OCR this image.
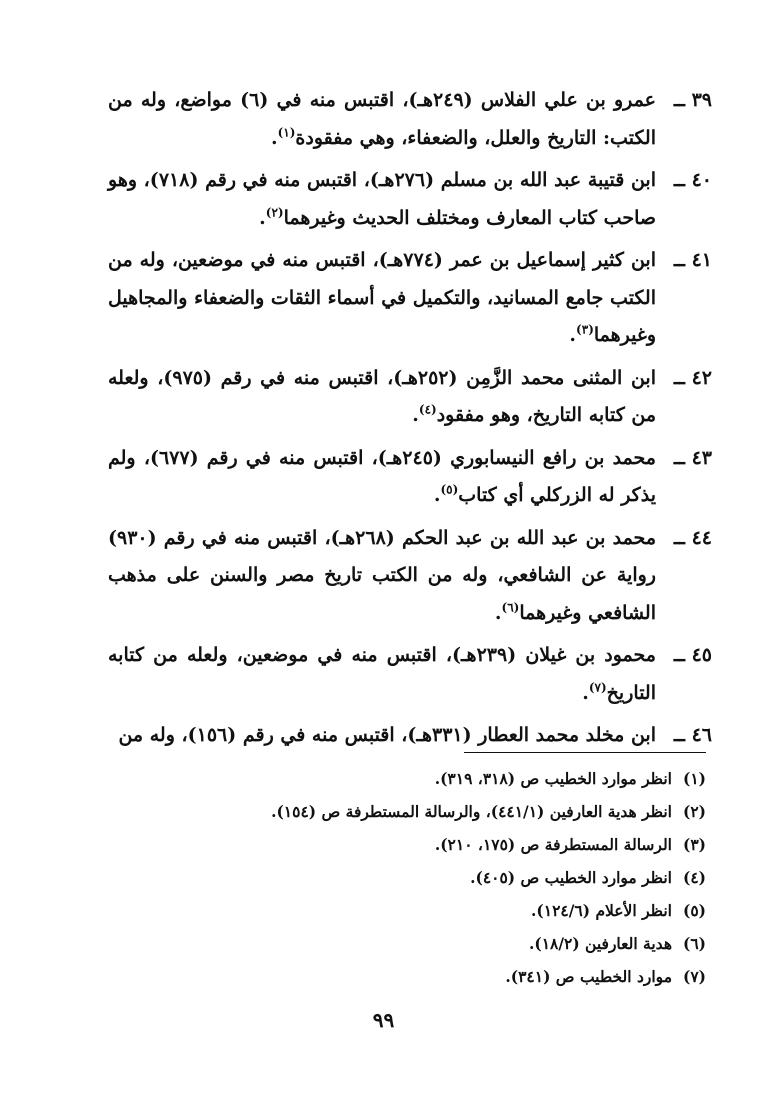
٣٩ ــ
عمرو بن علي الفلاس (٢٤٩هـ)، اقتبس منه في (٦) مواضع، وله من الكتب: التاريخ والعلل، والضعفاء، وهي مفقودة$^{(١)}$.
٤٠ ــ
ابن قتيبة عبد الله بن مسلم (٢٧٦هـ)، اقتبس منه في رقم (٧١٨)، وهو صاحب كتاب المعارف ومختلف الحديث وغيرهما$^{(٢)}$.
٤١ ــ
ابن كثير إسماعيل بن عمر (٧٧٤هـ)، اقتبس منه في موضعين، وله من الكتب جامع المسانيد، والتكميل في أسماء الثقات والضعفاء والمجاهيل وغيرهما$^{(٣)}$.
٤٢ ــ
ابن المثنى محمد الزَّمِن (٢٥٢هـ)، اقتبس منه في رقم (٩٧٥)، ولعله من كتابه التاريخ، وهو مفقود$^{(٤)}$.
٤٣ ــ
محمد بن رافع النيسابوري (٢٤٥هـ)، اقتبس منه في رقم (٦٧٧)، ولم يذكر له الزركلي أي كتاب$^{(٥)}$.
٤٤ ــ
محمد بن عبد الله بن عبد الحكم (٢٦٨هـ)، اقتبس منه في رقم (٩٣٠) رواية عن الشافعي، وله من الكتب تاريخ مصر والسنن على مذهب الشافعي وغيرهما$^{(٦)}$.
٤٥ ــ
محمود بن غيلان (٢٣٩هـ)، اقتبس منه في موضعين، ولعله من كتابه التاريخ$^{(٧)}$.
٤٦ ــ
ابن مخلد محمد العطار (٣٣١هـ)، اقتبس منه في رقم (١٥٦)، وله من
(١)انظر موارد الخطيب ص (٣١٨، ٣١٩).
(٢)انظر هدية العارفين (٤٤١/١)، والرسالة المستطرفة ص (١٥٤).
(٣)الرسالة المستطرفة ص (١٧٥، ٢١٠).
(٤)انظر موارد الخطيب ص (٤٠٥).
(٥)انظر الأعلام (١٢٤/٦).
(٦)هدية العارفين (١٨/٢).
(٧)موارد الخطيب ص (٣٤١).
٩٩
